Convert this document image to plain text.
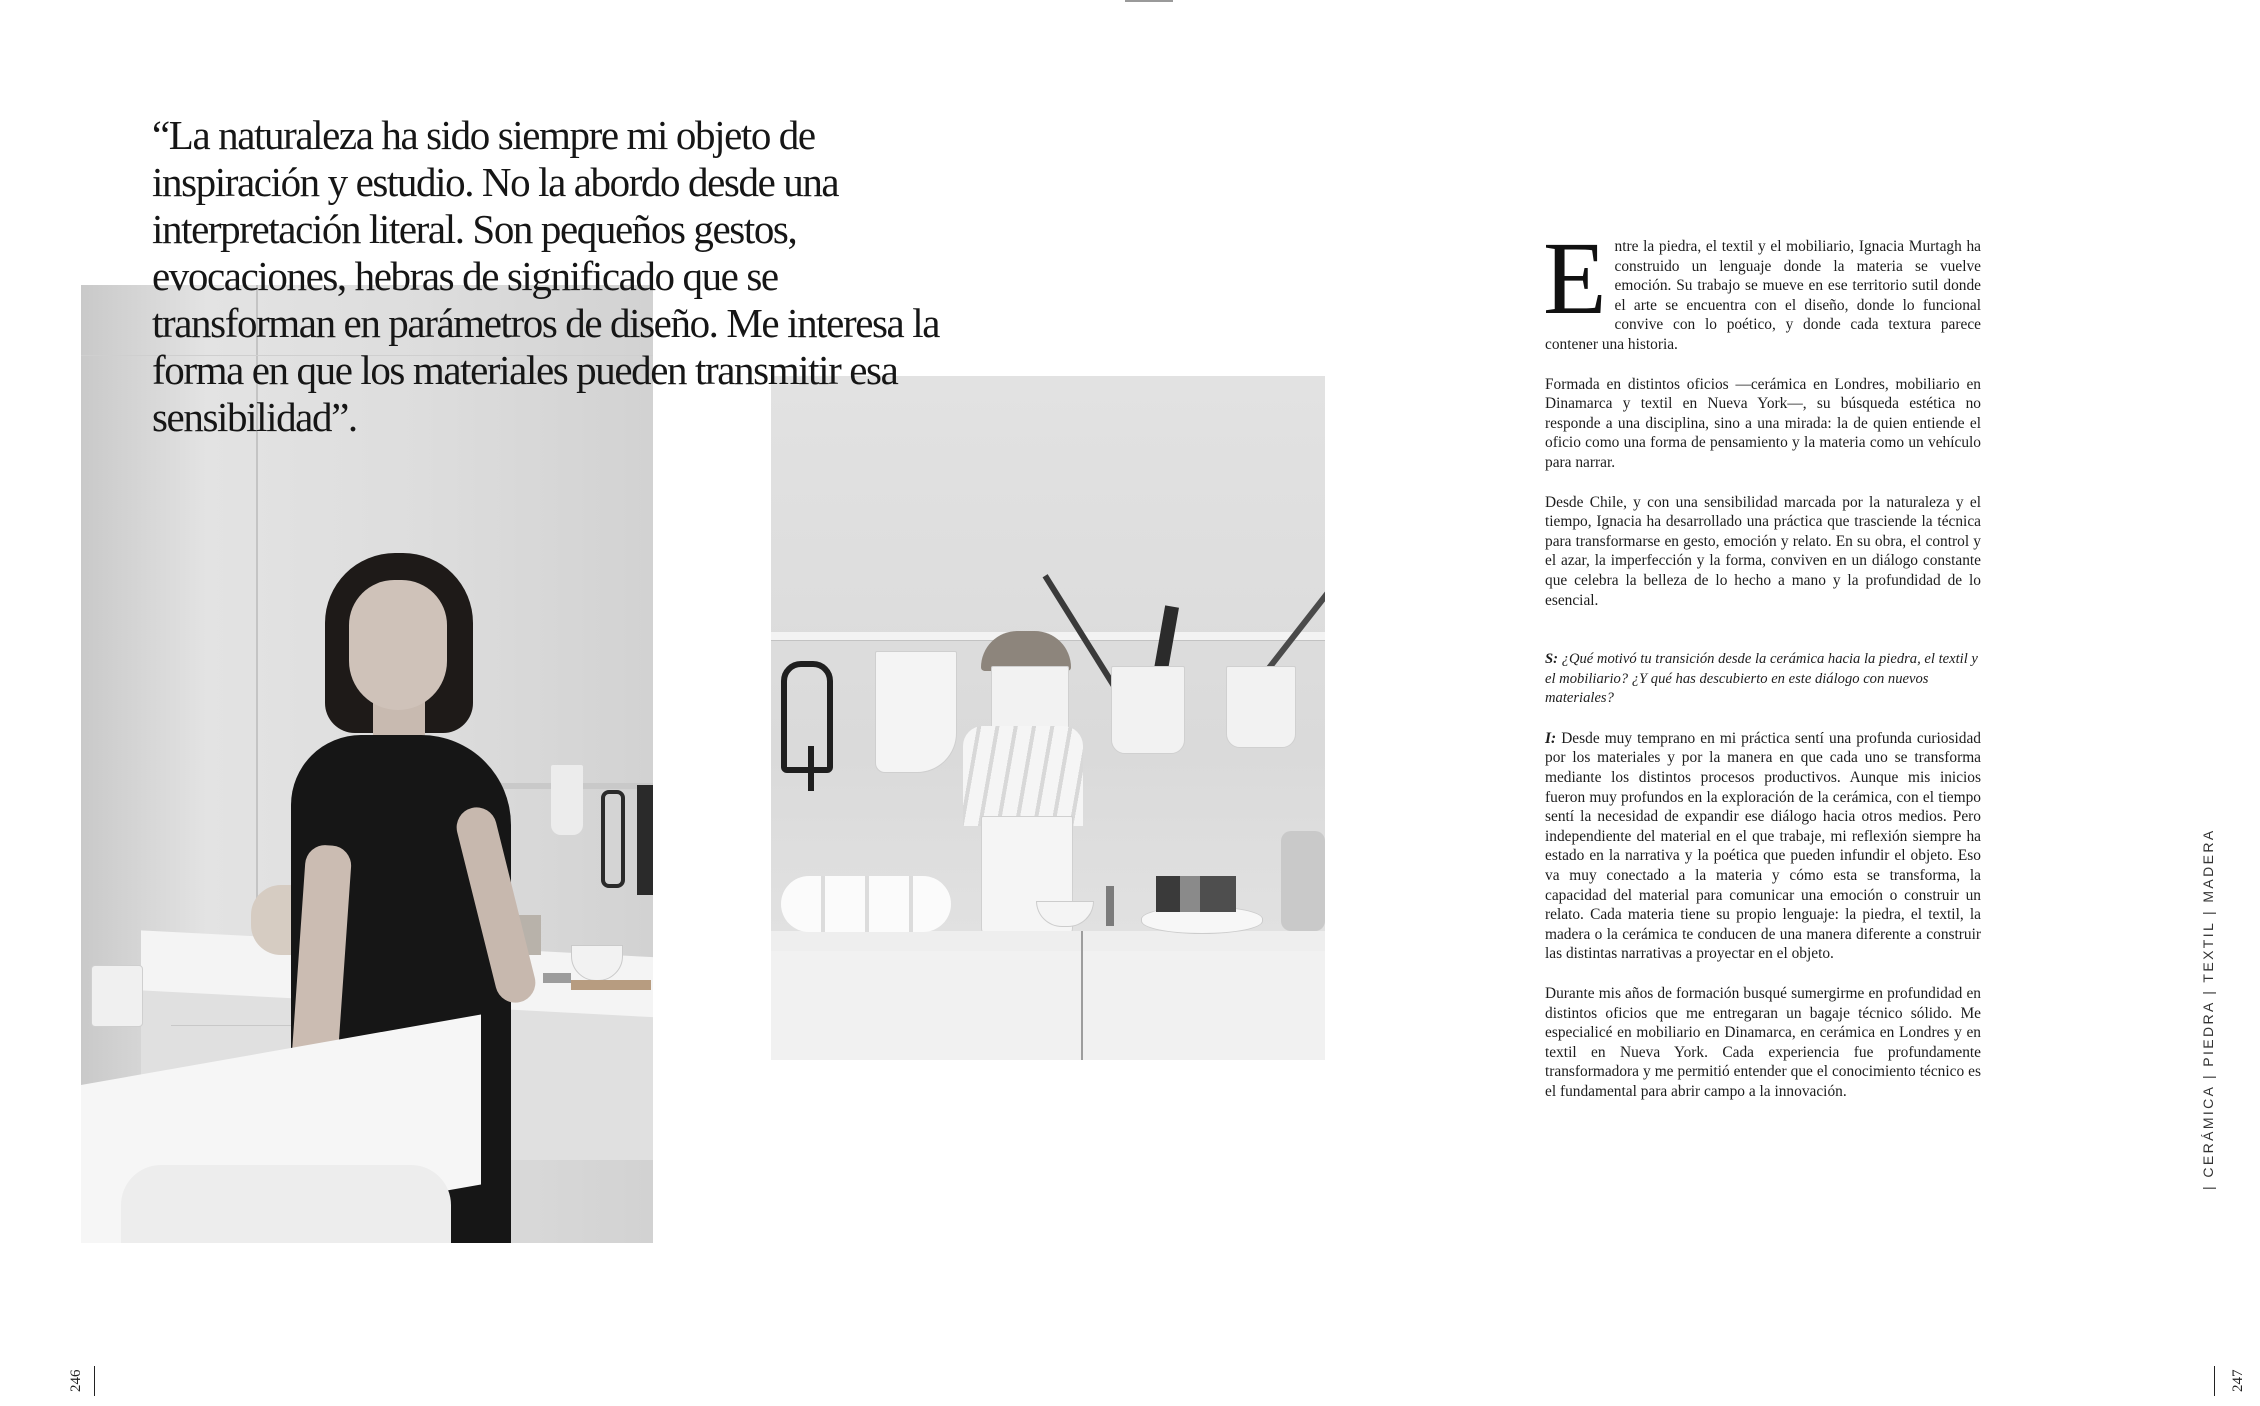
“La naturaleza ha sido siempre mi objeto de inspiración y estudio. No la abordo desde una interpretación literal. Son pequeños gestos, evocaciones, hebras de significado que se transforman en parámetros de diseño. Me interesa la forma en que los materiales pueden transmitir esa sensibilidad”.

Entre la piedra, el textil y el mobiliario, Ignacia Murtagh ha construido un lenguaje donde la materia se vuelve emoción. Su trabajo se mueve en ese territorio sutil donde el arte se encuentra con el diseño, donde lo funcional convive con lo poético, y donde cada textura parece contener una historia.

Formada en distintos oficios —cerámica en Londres, mobiliario en Dinamarca y textil en Nueva York—, su búsqueda estética no responde a una disciplina, sino a una mirada: la de quien entiende el oficio como una forma de pensamiento y la materia como un vehículo para narrar.

Desde Chile, y con una sensibilidad marcada por la naturaleza y el tiempo, Ignacia ha desarrollado una práctica que trasciende la técnica para transformarse en gesto, emoción y relato. En su obra, el control y el azar, la imperfección y la forma, conviven en un diálogo constante que celebra la belleza de lo hecho a mano y la profundidad de lo esencial.

S: ¿Qué motivó tu transición desde la cerámica hacia la piedra, el textil y el mobiliario? ¿Y qué has descubierto en este diálogo con nuevos materiales?

I: Desde muy temprano en mi práctica sentí una profunda curiosidad por los materiales y por la manera en que cada uno se transforma mediante los distintos procesos productivos. Aunque mis inicios fueron muy profundos en la exploración de la cerámica, con el tiempo sentí la necesidad de expandir ese diálogo hacia otros medios. Pero independiente del material en el que trabaje, mi reflexión siempre ha estado en la narrativa y la poética que pueden infundir el objeto. Eso va muy conectado a la materia y cómo esta se transforma, la capacidad del material para comunicar una emoción o construir un relato. Cada materia tiene su propio lenguaje: la piedra, el textil, la madera o la cerámica te conducen de una manera diferente a construir las distintas narrativas a proyectar en el objeto.

Durante mis años de formación busqué sumergirme en profundidad en distintos oficios que me entregaran un bagaje técnico sólido. Me especialicé en mobiliario en Dinamarca, en cerámica en Londres y en textil en Nueva York. Cada experiencia fue profundamente transformadora y me permitió entender que el conocimiento técnico es el fundamental para abrir campo a la innovación.	| CERÁMICA | PIEDRA | TEXTIL | MADERA
246	247
